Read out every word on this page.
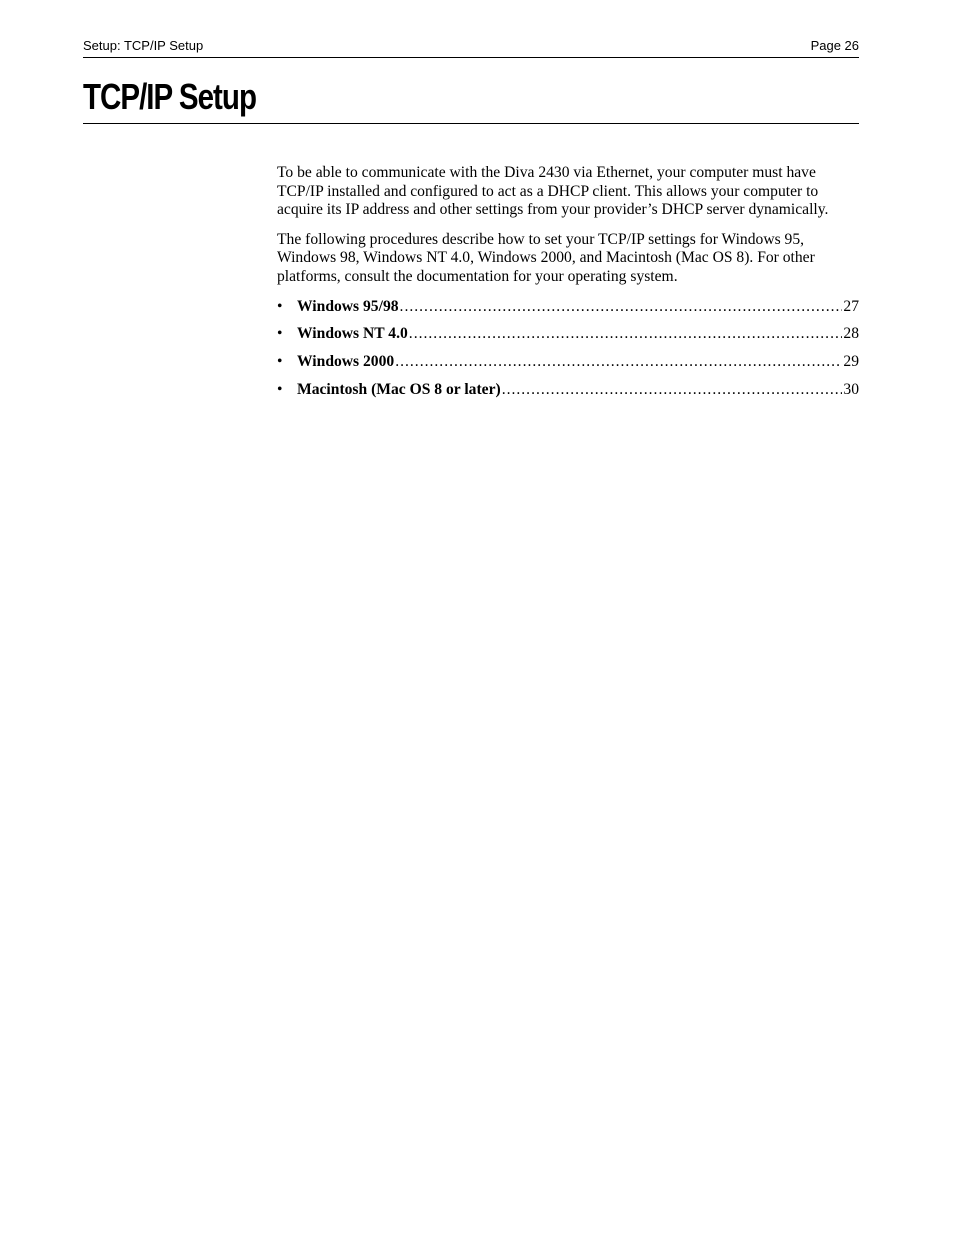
Setup: TCP/IP Setup	Page 26
TCP/IP Setup

To be able to communicate with the Diva 2430 via Ethernet, your computer must have TCP/IP installed and configured to act as a DHCP client. This allows your computer to acquire its IP address and other settings from your provider’s DHCP server dynamically.

The following procedures describe how to set your TCP/IP settings for Windows 95, Windows 98, Windows NT 4.0, Windows 2000, and Macintosh (Mac OS 8). For other platforms, consult the documentation for your operating system.

• Windows 95/98 .....	27
• Windows NT 4.0 .....	28
• Windows 2000 .....	29
• Macintosh (Mac OS 8 or later) .....	30
